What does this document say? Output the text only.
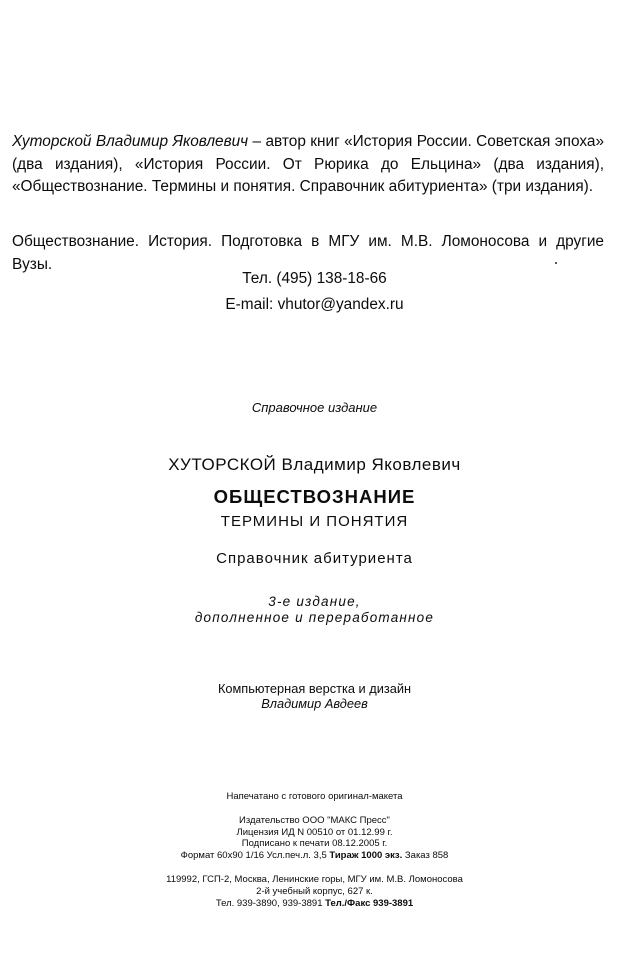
Хуторской Владимир Яковлевич – автор книг «История России. Советская эпоха» (два издания), «История России. От Рюрика до Ельцина» (два издания), «Обществознание. Термины и понятия. Справочник абитуриента» (три издания).

Обществознание. История. Подготовка в МГУ им. М.В. Ломоносова и другие Вузы.

Тел. (495) 138-18-66
E-mail: vhutor@yandex.ru
Справочное издание
ХУТОРСКОЙ Владимир Яковлевич
ОБЩЕСТВОЗНАНИЕ
ТЕРМИНЫ И ПОНЯТИЯ
Справочник абитуриента
3-е издание,
дополненное и переработанное
Компьютерная верстка и дизайн
Владимир Авдеев
Напечатано с готового оригинал-макета
Издательство ООО "МАКС Пресс"
Лицензия ИД N 00510 от 01.12.99 г.
Подписано к печати 08.12.2005 г.
Формат 60х90 1/16 Усл.печ.л. 3,5 Тираж 1000 экз. Заказ 858
119992, ГСП-2, Москва, Ленинские горы, МГУ им. М.В. Ломоносова
2-й учебный корпус, 627 к.
Тел. 939-3890, 939-3891 Тел./Факс 939-3891
